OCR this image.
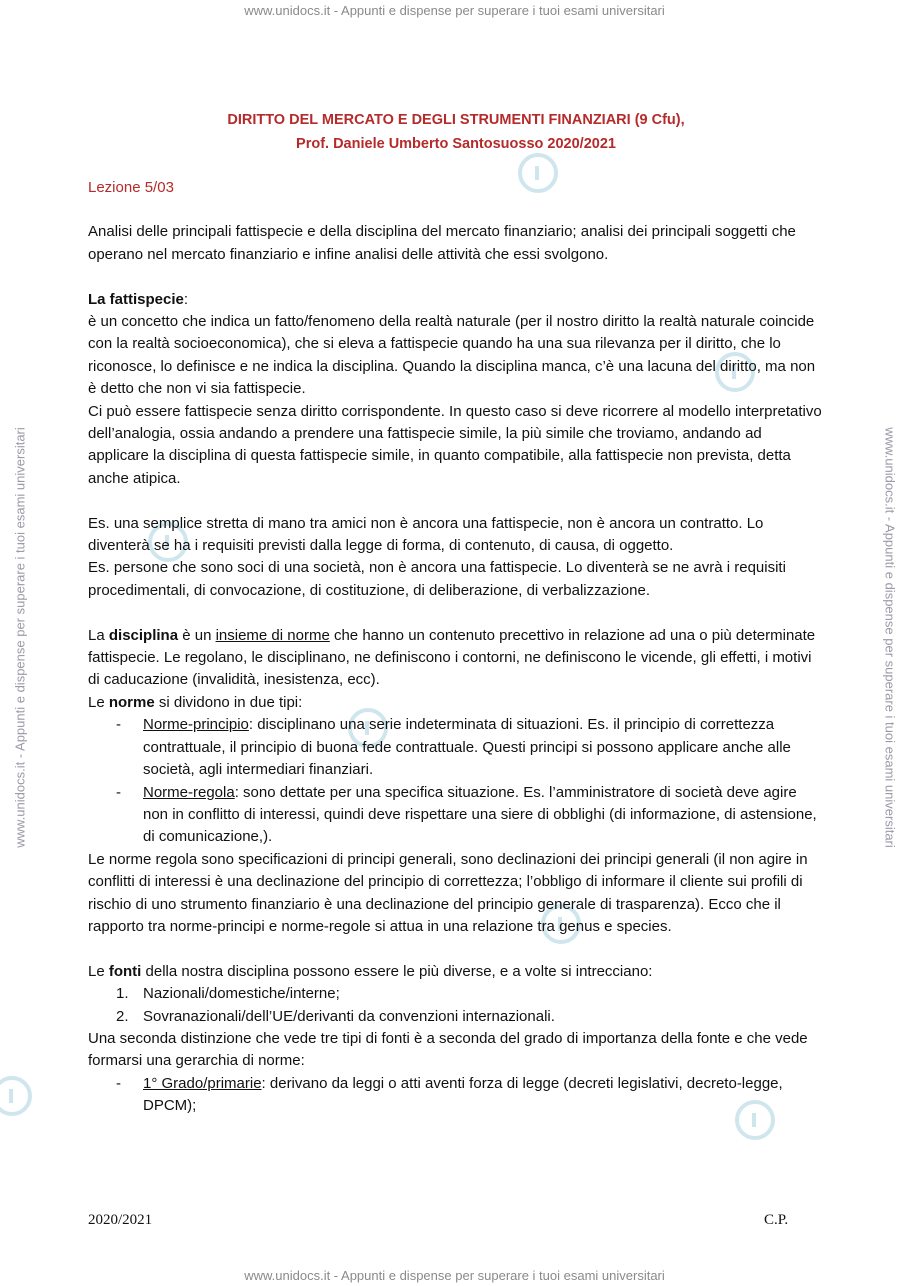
www.unidocs.it - Appunti e dispense per superare i tuoi esami universitari
www.unidocs.it - Appunti e dispense per superare i tuoi esami universitari
www.unidocs.it - Appunti e dispense per superare i tuoi esami universitari	www.unidocs.it - Appunti e dispense per superare i tuoi esami universitari
DIRITTO DEL MERCATO E DEGLI STRUMENTI FINANZIARI (9 Cfu),
Prof. Daniele Umberto Santosuosso 2020/2021
Lezione 5/03

Analisi delle principali fattispecie e della disciplina del mercato finanziario; analisi dei principali soggetti che operano nel mercato finanziario e infine analisi delle attività che essi svolgono.

La fattispecie:

è un concetto che indica un fatto/fenomeno della realtà naturale (per il nostro diritto la realtà naturale coincide con la realtà socioeconomica), che si eleva a fattispecie quando ha una sua rilevanza per il diritto, che lo riconosce, lo definisce e ne indica la disciplina. Quando la disciplina manca, c’è una lacuna del diritto, ma non è detto che non vi sia fattispecie.

Ci può essere fattispecie senza diritto corrispondente. In questo caso si deve ricorrere al modello interpretativo dell’analogia, ossia andando a prendere una fattispecie simile, la più simile che troviamo, andando ad applicare la disciplina di questa fattispecie simile, in quanto compatibile, alla fattispecie non prevista, detta anche atipica.

Es. una semplice stretta di mano tra amici non è ancora una fattispecie, non è ancora un contratto. Lo diventerà se ha i requisiti previsti dalla legge di forma, di contenuto, di causa, di oggetto.

Es. persone che sono soci di una società, non è ancora una fattispecie. Lo diventerà se ne avrà i requisiti procedimentali, di convocazione, di costituzione, di deliberazione, di verbalizzazione.

La disciplina è un insieme di norme che hanno un contenuto precettivo in relazione ad una o più determinate fattispecie. Le regolano, le disciplinano, ne definiscono i contorni, ne definiscono le vicende, gli effetti, i motivi di caducazione (invalidità, inesistenza, ecc).

Le norme si dividono in due tipi:

- Norme-principio: disciplinano una serie indeterminata di situazioni. Es. il principio di correttezza contrattuale, il principio di buona fede contrattuale. Questi principi si possono applicare anche alle società, agli intermediari finanziari.
- Norme-regola: sono dettate per una specifica situazione. Es. l’amministratore di società deve agire non in conflitto di interessi, quindi deve rispettare una siere di obblighi (di informazione, di astensione, di comunicazione,).

Le norme regola sono specificazioni di principi generali, sono declinazioni dei principi generali (il non agire in conflitti di interessi è una declinazione del principio di correttezza; l’obbligo di informare il cliente sui profili di rischio di uno strumento finanziario è una declinazione del principio generale di trasparenza). Ecco che il rapporto tra norme-principi e norme-regole si attua in una relazione tra genus e species.

Le fonti della nostra disciplina possono essere le più diverse, e a volte si intrecciano:

1. Nazionali/domestiche/interne;
2. Sovranazionali/dell’UE/derivanti da convenzioni internazionali.

Una seconda distinzione che vede tre tipi di fonti è a seconda del grado di importanza della fonte e che vede formarsi una gerarchia di norme:

- 1° Grado/primarie: derivano da leggi o atti aventi forza di legge (decreti legislativi, decreto-legge, DPCM);
2020/2021	C.P.
